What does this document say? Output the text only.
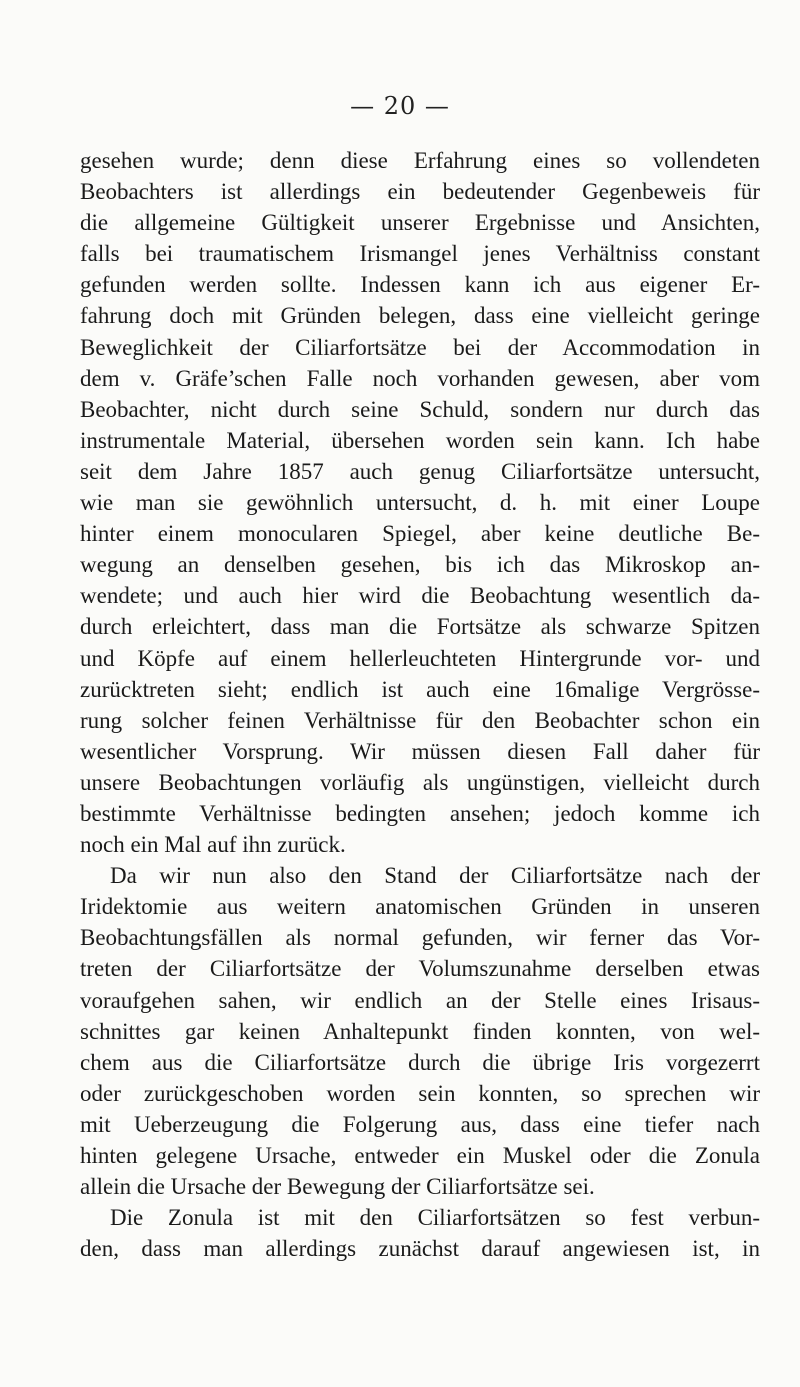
— 20 —
gesehen wurde; denn diese Erfahrung eines so vollendeten
Beobachters ist allerdings ein bedeutender Gegenbeweis für
die allgemeine Gültigkeit unserer Ergebnisse und Ansichten,
falls bei traumatischem Irismangel jenes Verhältniss constant
gefunden werden sollte. Indessen kann ich aus eigener Er-
fahrung doch mit Gründen belegen, dass eine vielleicht geringe
Beweglichkeit der Ciliarfortsätze bei der Accommodation in
dem v. Gräfe’schen Falle noch vorhanden gewesen, aber vom
Beobachter, nicht durch seine Schuld, sondern nur durch das
instrumentale Material, übersehen worden sein kann. Ich habe
seit dem Jahre 1857 auch genug Ciliarfortsätze untersucht,
wie man sie gewöhnlich untersucht, d. h. mit einer Loupe
hinter einem monocularen Spiegel, aber keine deutliche Be-
wegung an denselben gesehen, bis ich das Mikroskop an-
wendete; und auch hier wird die Beobachtung wesentlich da-
durch erleichtert, dass man die Fortsätze als schwarze Spitzen
und Köpfe auf einem hellerleuchteten Hintergrunde vor- und
zurücktreten sieht; endlich ist auch eine 16malige Vergrösse-
rung solcher feinen Verhältnisse für den Beobachter schon ein
wesentlicher Vorsprung. Wir müssen diesen Fall daher für
unsere Beobachtungen vorläufig als ungünstigen, vielleicht durch
bestimmte Verhältnisse bedingten ansehen; jedoch komme ich
noch ein Mal auf ihn zurück.
Da wir nun also den Stand der Ciliarfortsätze nach der
Iridektomie aus weitern anatomischen Gründen in unseren
Beobachtungsfällen als normal gefunden, wir ferner das Vor-
treten der Ciliarfortsätze der Volumszunahme derselben etwas
voraufgehen sahen, wir endlich an der Stelle eines Irisaus-
schnittes gar keinen Anhaltepunkt finden konnten, von wel-
chem aus die Ciliarfortsätze durch die übrige Iris vorgezerrt
oder zurückgeschoben worden sein konnten, so sprechen wir
mit Ueberzeugung die Folgerung aus, dass eine tiefer nach
hinten gelegene Ursache, entweder ein Muskel oder die Zonula
allein die Ursache der Bewegung der Ciliarfortsätze sei.
Die Zonula ist mit den Ciliarfortsätzen so fest verbun-
den, dass man allerdings zunächst darauf angewiesen ist, in
